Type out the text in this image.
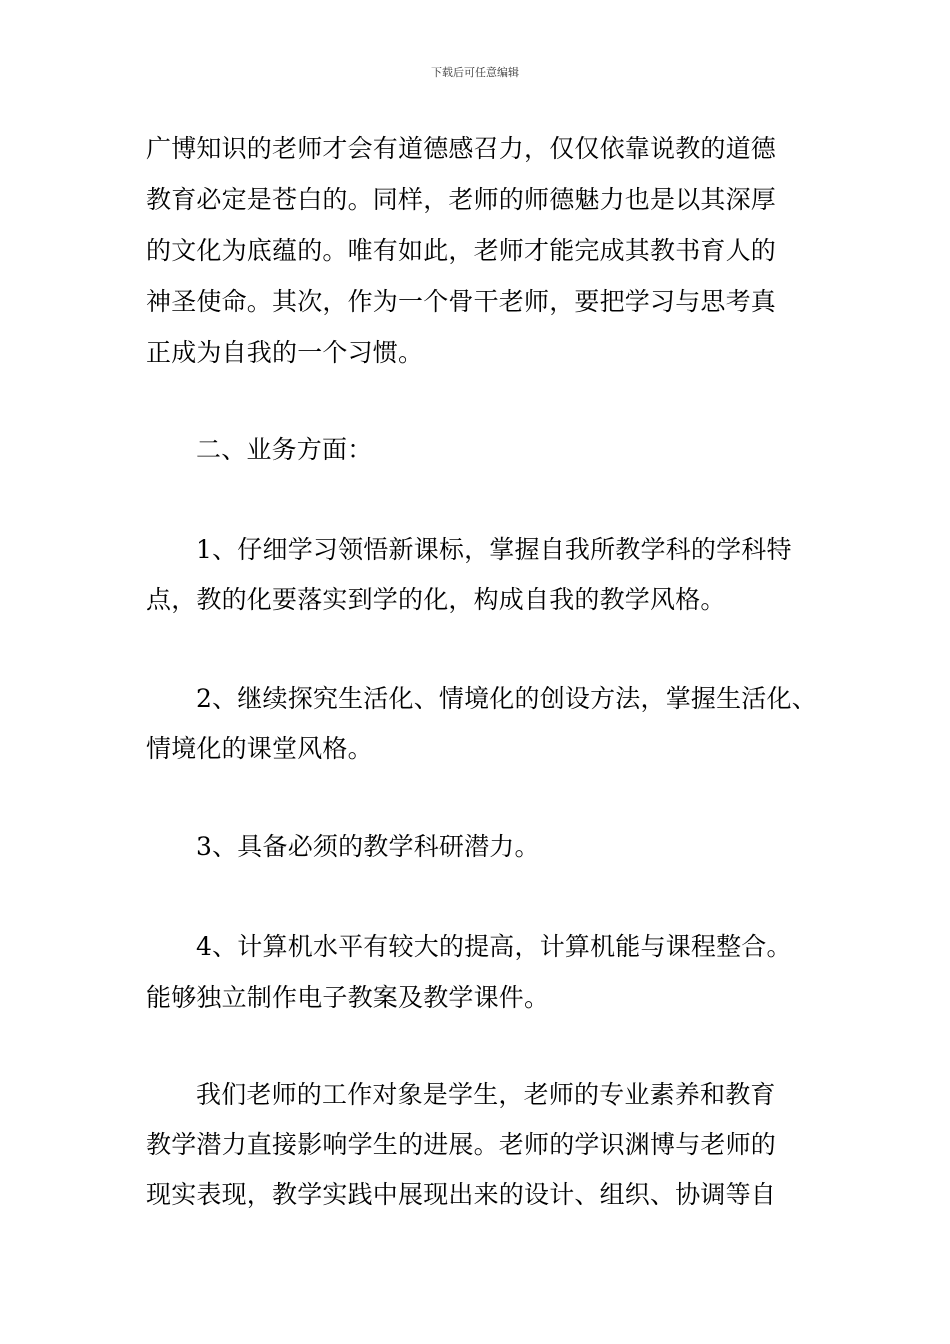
下载后可任意编辑
广博知识的老师才会有道德感召力，仅仅依靠说教的道德
教育必定是苍白的。同样，老师的师德魅力也是以其深厚
的文化为底蕴的。唯有如此，老师才能完成其教书育人的
神圣使命。其次，作为一个骨干老师，要把学习与思考真
正成为自我的一个习惯。
二、业务方面：
1、仔细学习领悟新课标，掌握自我所教学科的学科特
点，教的化要落实到学的化，构成自我的教学风格。
2、继续探究生活化、情境化的创设方法，掌握生活化、
情境化的课堂风格。
3、具备必须的教学科研潜力。
4、计算机水平有较大的提高，计算机能与课程整合。
能够独立制作电子教案及教学课件。
我们老师的工作对象是学生，老师的专业素养和教育
教学潜力直接影响学生的进展。老师的学识渊博与老师的
现实表现，教学实践中展现出来的设计、组织、协调等自
